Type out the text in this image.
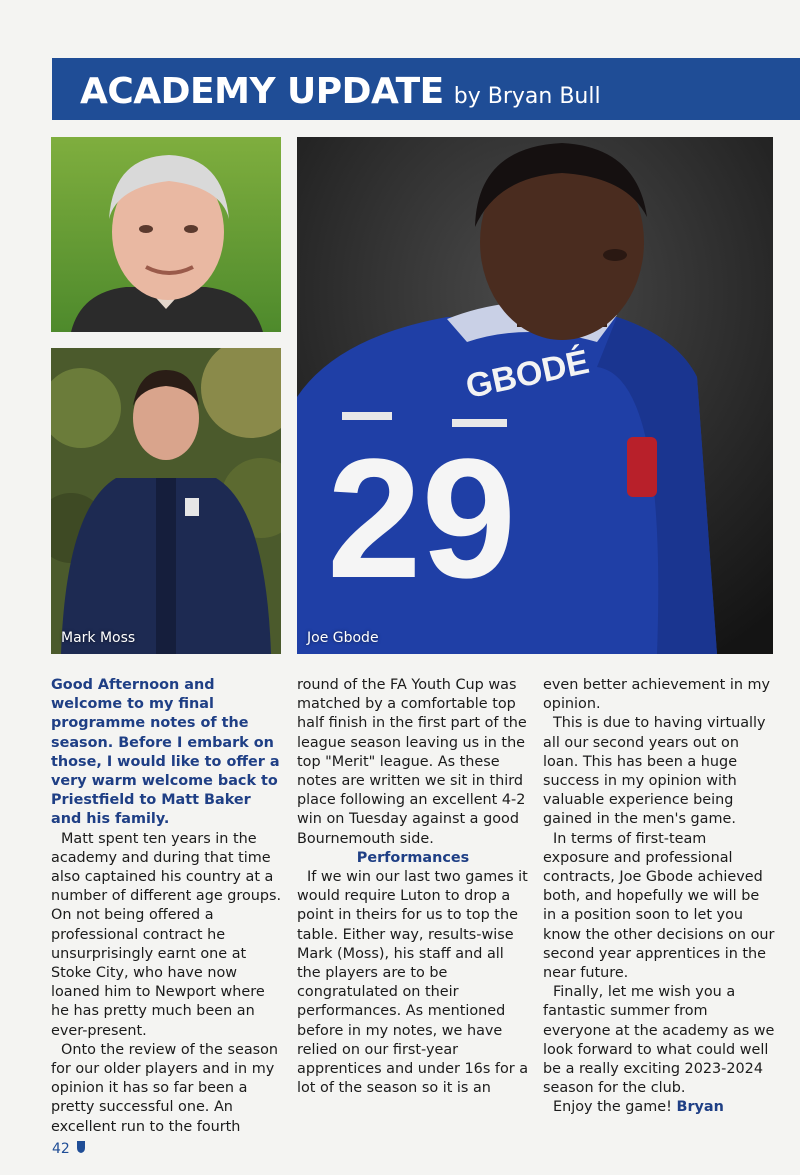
ACADEMY UPDATE by Bryan Bull
Mark Moss
GBODÉ
29
Joe Gbode

Good Afternoon and welcome to my final programme notes of the season. Before I embark on those, I would like to offer a very warm welcome back to Priestfield to Matt Baker and his family.

Matt spent ten years in the academy and during that time also captained his country at a number of different age groups. On not being offered a professional contract he unsurprisingly earnt one at Stoke City, who have now loaned him to Newport where he has pretty much been an ever-present.

Onto the review of the season for our older players and in my opinion it has so far been a pretty successful one. An excellent run to the fourth

round of the FA Youth Cup was matched by a comfortable top half finish in the first part of the league season leaving us in the top "Merit" league. As these notes are written we sit in third place following an excellent 4-2 win on Tuesday against a good Bournemouth side.

Performances

If we win our last two games it would require Luton to drop a point in theirs for us to top the table. Either way, results-wise Mark (Moss), his staff and all the players are to be congratulated on their performances. As mentioned before in my notes, we have relied on our first-year apprentices and under 16s for a lot of the season so it is an

even better achievement in my opinion.

This is due to having virtually all our second years out on loan. This has been a huge success in my opinion with valuable experience being gained in the men's game.

In terms of first-team exposure and professional contracts, Joe Gbode achieved both, and hopefully we will be in a position soon to let you know the other decisions on our second year apprentices in the near future.

Finally, let me wish you a fantastic summer from everyone at the academy as we look forward to what could well be a really exciting 2023-2024 season for the club.

Enjoy the game! Bryan

42
